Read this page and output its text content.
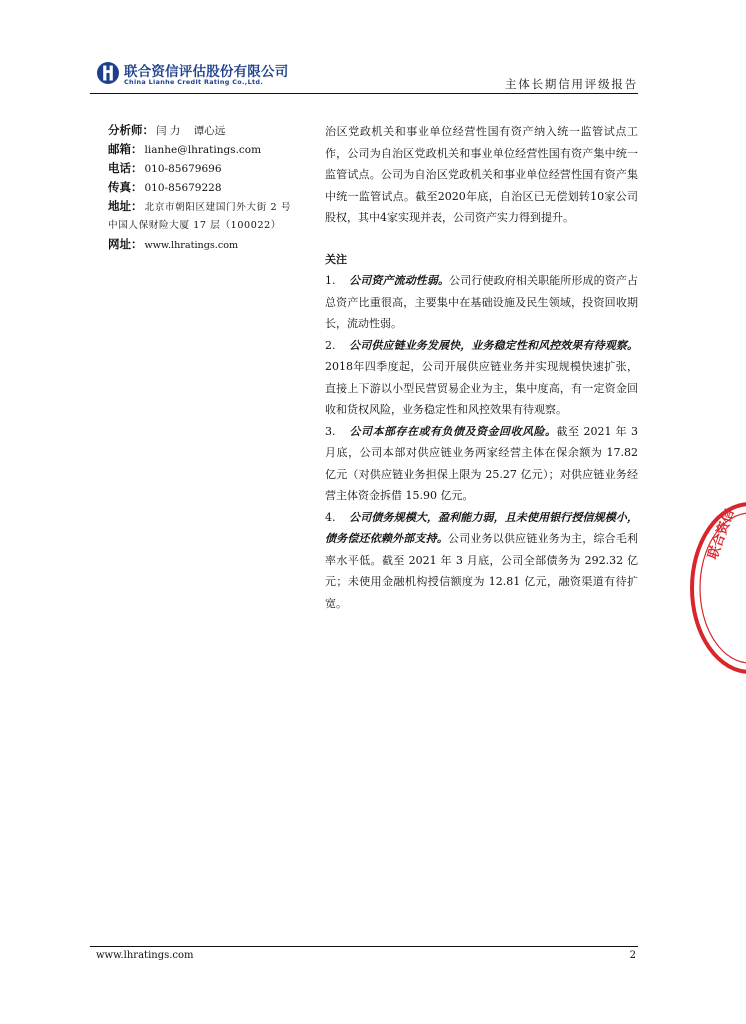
联合资信评估股份有限公司
China Lianhe Credit Rating Co.,Ltd.	主体长期信用评级报告
分析师： 闫 力    谭心远
邮箱： lianhe@lhratings.com
电话： 010-85679696
传真： 010-85679228
地址： 北京市朝阳区建国门外大街 2 号
中国人保财险大厦 17 层（100022）
网址： www.lhratings.com

治区党政机关和事业单位经营性国有资产纳入统一监管试点工作，公司为自治区党政机关和事业单位经营性国有资产集中统一监管试点。公司为自治区党政机关和事业单位经营性国有资产集中统一监管试点。截至2020年底，自治区已无偿划转10家公司股权，其中4家实现并表，公司资产实力得到提升。

关注

1. 公司资产流动性弱。公司行使政府相关职能所形成的资产占总资产比重很高，主要集中在基础设施及民生领域，投资回收期长，流动性弱。

2. 公司供应链业务发展快，业务稳定性和风控效果有待观察。2018年四季度起，公司开展供应链业务并实现规模快速扩张，直接上下游以小型民营贸易企业为主，集中度高，有一定资金回收和货权风险，业务稳定性和风控效果有待观察。

3. 公司本部存在或有负债及资金回收风险。截至 2021 年 3 月底，公司本部对供应链业务两家经营主体在保余额为 17.82 亿元（对供应链业务担保上限为 25.27 亿元）；对供应链业务经营主体资金拆借 15.90 亿元。

4. 公司债务规模大，盈利能力弱，且未使用银行授信规模小，债务偿还依赖外部支持。公司业务以供应链业务为主，综合毛利率水平低。截至 2021 年 3 月底，公司全部债务为 292.32 亿元；未使用金融机构授信额度为 12.81 亿元，融资渠道有待扩宽。

联合资信
www.lhratings.com	2
